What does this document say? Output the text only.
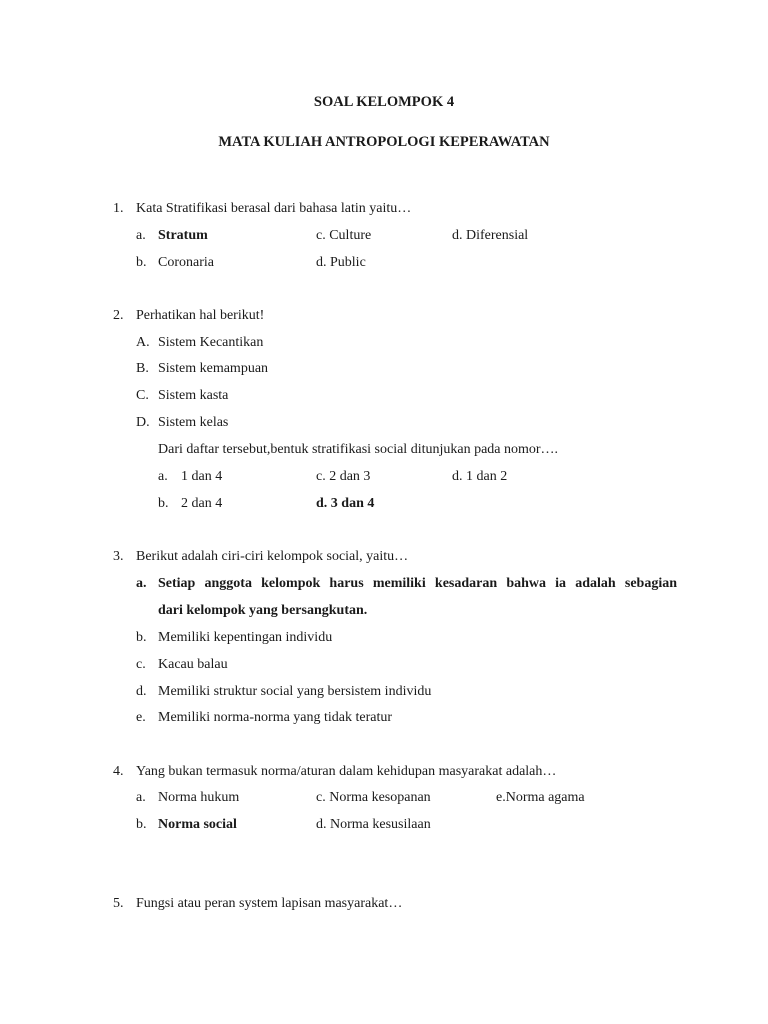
SOAL KELOMPOK 4
MATA KULIAH ANTROPOLOGI KEPERAWATAN
1. Kata Stratifikasi berasal dari bahasa latin yaitu…
a. Stratum	c. Culture	d. Diferensial
b. Coronaria	d. Public
2. Perhatikan hal berikut!
A. Sistem Kecantikan
B. Sistem kemampuan
C. Sistem kasta
D. Sistem kelas
Dari daftar tersebut,bentuk stratifikasi social ditunjukan pada nomor….
a. 1 dan 4	c. 2 dan 3	d. 1 dan 2
b. 2 dan 4	d. 3 dan 4
3. Berikut adalah ciri-ciri kelompok social, yaitu…
a. Setiap anggota kelompok harus memiliki kesadaran bahwa ia adalah sebagian
dari kelompok yang bersangkutan.
b. Memiliki kepentingan individu
c. Kacau balau
d. Memiliki struktur social yang bersistem individu
e. Memiliki norma-norma yang tidak teratur
4. Yang bukan termasuk norma/aturan dalam kehidupan masyarakat adalah…
a. Norma hukum	c. Norma kesopanan	e.Norma agama
b. Norma social	d. Norma kesusilaan
5. Fungsi atau peran system lapisan masyarakat…
